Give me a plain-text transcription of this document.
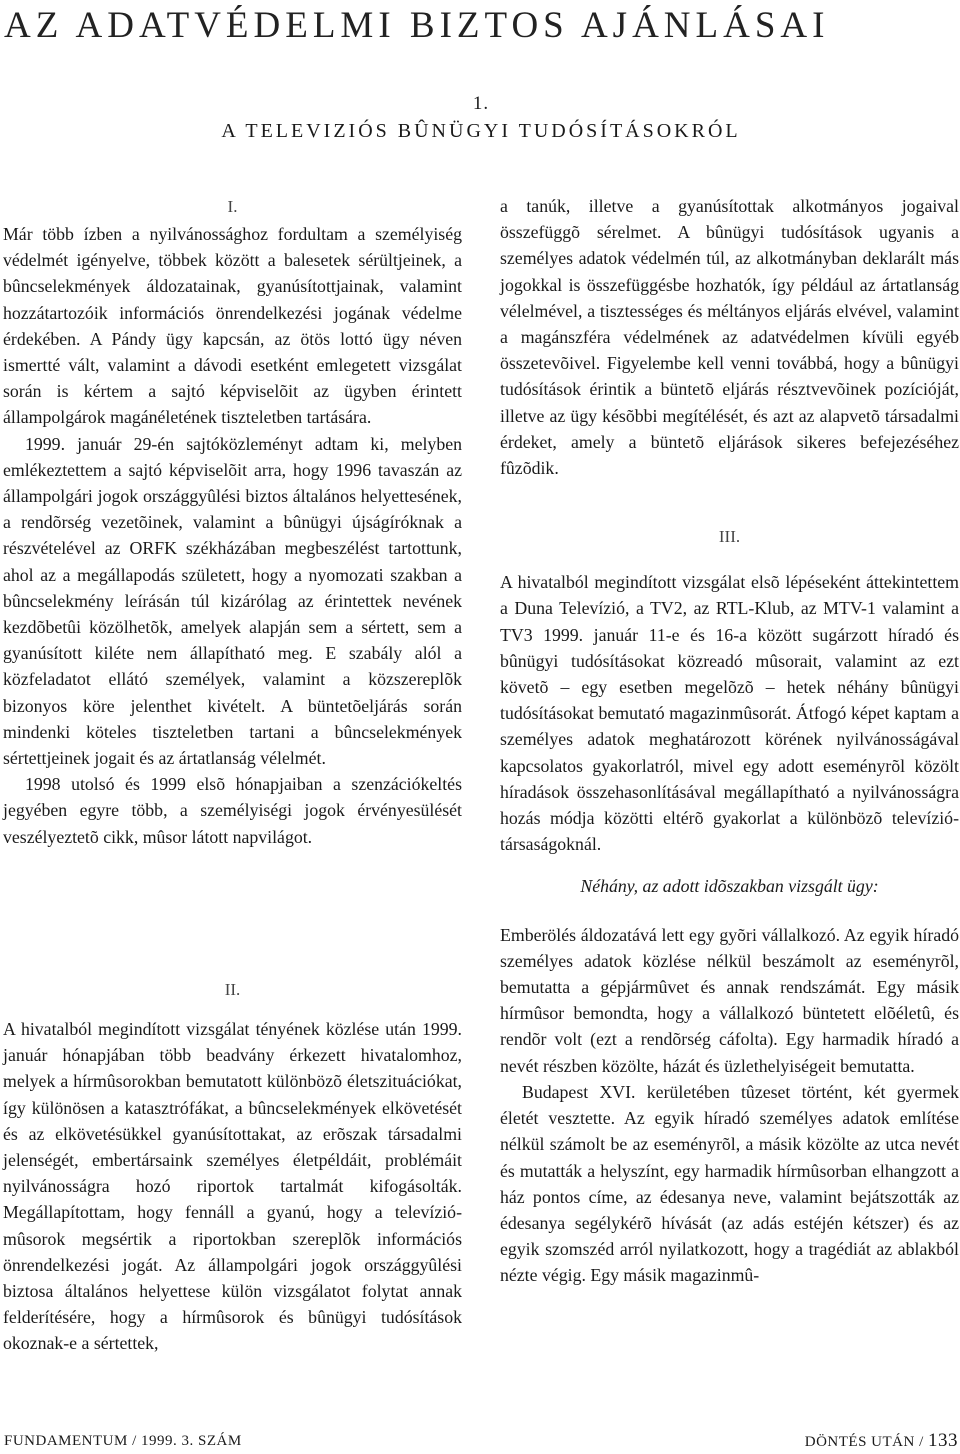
AZ ADATVÉDELMI BIZTOS AJÁNLÁSAI
1.
A TELEVIZIÓS BÛNÜGYI TUDÓSÍTÁSOKRÓL
I.

Már több ízben a nyilvánossághoz fordultam a személyiség védelmét igényelve, többek között a balesetek sérültjeinek, a bûncselekmények áldozatainak, gyanúsítottjainak, valamint hozzátartozóik információs önrendelkezési jogának védelme érdekében. A Pándy ügy kapcsán, az ötös lottó ügy néven ismertté vált, valamint a dávodi esetként emlegetett vizsgálat során is kértem a sajtó képviselõit az ügyben érintett állampolgárok magánéletének tiszteletben tartására.

1999. január 29-én sajtóközleményt adtam ki, melyben emlékeztettem a sajtó képviselõit arra, hogy 1996 tavaszán az állampolgári jogok országgyûlési biztos általános helyettesének, a rendõrség vezetõinek, valamint a bûnügyi újságíróknak a részvételével az ORFK székházában megbeszélést tartottunk, ahol az a megállapodás született, hogy a nyomozati szakban a bûncselekmény leírásán túl kizárólag az érintettek nevének kezdõbetûi közölhetõk, amelyek alapján sem a sértett, sem a gyanúsított kiléte nem állapítható meg. E szabály alól a közfeladatot ellátó személyek, valamint a közszereplõk bizonyos köre jelenthet kivételt. A büntetõeljárás során mindenki köteles tiszteletben tartani a bûncselekmények sértettjeinek jogait és az ártatlanság vélelmét.

1998 utolsó és 1999 elsõ hónapjaiban a szenzációkeltés jegyében egyre több, a személyiségi jogok érvényesülését veszélyeztetõ cikk, mûsor látott napvilágot.

II.

A hivatalból megindított vizsgálat tényének közlése után 1999. január hónapjában több beadvány érkezett hivatalomhoz, melyek a hírmûsorokban bemutatott különbözõ életszituációkat, így különösen a katasztrófákat, a bûncselekmények elkövetését és az elkövetésükkel gyanúsítottakat, az erõszak társadalmi jelenségét, embertársaink személyes életpéldáit, problémáit nyilvánosságra hozó riportok tartalmát kifogásolták. Megállapítottam, hogy fennáll a gyanú, hogy a televízió-mûsorok megsértik a riportokban szereplõk információs önrendelkezési jogát. Az állampolgári jogok országgyûlési biztosa általános helyettese külön vizsgálatot folytat annak felderítésére, hogy a hírmûsorok és bûnügyi tudósítások okoznak-e a sértettek,

a tanúk, illetve a gyanúsítottak alkotmányos jogaival összefüggõ sérelmet. A bûnügyi tudósítások ugyanis a személyes adatok védelmén túl, az alkotmányban deklarált más jogokkal is összefüggésbe hozhatók, így például az ártatlanság vélelmével, a tisztességes és méltányos eljárás elvével, valamint a magánszféra védelmének az adatvédelmen kívüli egyéb összetevõivel. Figyelembe kell venni továbbá, hogy a bûnügyi tudósítások érintik a büntetõ eljárás résztvevõinek pozícióját, illetve az ügy késõbbi megítélését, és azt az alapvetõ társadalmi érdeket, amely a büntetõ eljárások sikeres befejezéséhez fûzõdik.

III.

A hivatalból megindított vizsgálat elsõ lépéseként áttekintettem a Duna Televízió, a TV2, az RTL-Klub, az MTV-1 valamint a TV3 1999. január 11-e és 16-a között sugárzott híradó és bûnügyi tudósításokat közreadó mûsorait, valamint az ezt követõ – egy esetben megelõzõ – hetek néhány bûnügyi tudósításokat bemutató magazinmûsorát. Átfogó képet kaptam a személyes adatok meghatározott körének nyilvánosságával kapcsolatos gyakorlatról, mivel egy adott eseményrõl közölt híradások összehasonlításával megállapítható a nyilvánosságra hozás módja közötti eltérõ gyakorlat a különbözõ televízió-társaságoknál.

Néhány, az adott idõszakban vizsgált ügy:

Emberölés áldozatává lett egy gyõri vállalkozó. Az egyik híradó személyes adatok közlése nélkül beszámolt az eseményrõl, bemutatta a gépjármûvet és annak rendszámát. Egy másik hírmûsor bemondta, hogy a vállalkozó büntetett elõéletû, és rendõr volt (ezt a rendõrség cáfolta). Egy harmadik híradó a nevét részben közölte, házát és üzlethelyiségeit bemutatta.

Budapest XVI. kerületében tûzeset történt, két gyermek életét vesztette. Az egyik híradó személyes adatok említése nélkül számolt be az eseményrõl, a másik közölte az utca nevét és mutatták a helyszínt, egy harmadik hírmûsorban elhangzott a ház pontos címe, az édesanya neve, valamint bejátszották az édesanya segélykérõ hívását (az adás estéjén kétszer) és az egyik szomszéd arról nyilatkozott, hogy a tragédiát az ablakból nézte végig. Egy másik magazinmû-

FUNDAMENTUM / 1999. 3. SZÁM	DÖNTÉS UTÁN / 133
